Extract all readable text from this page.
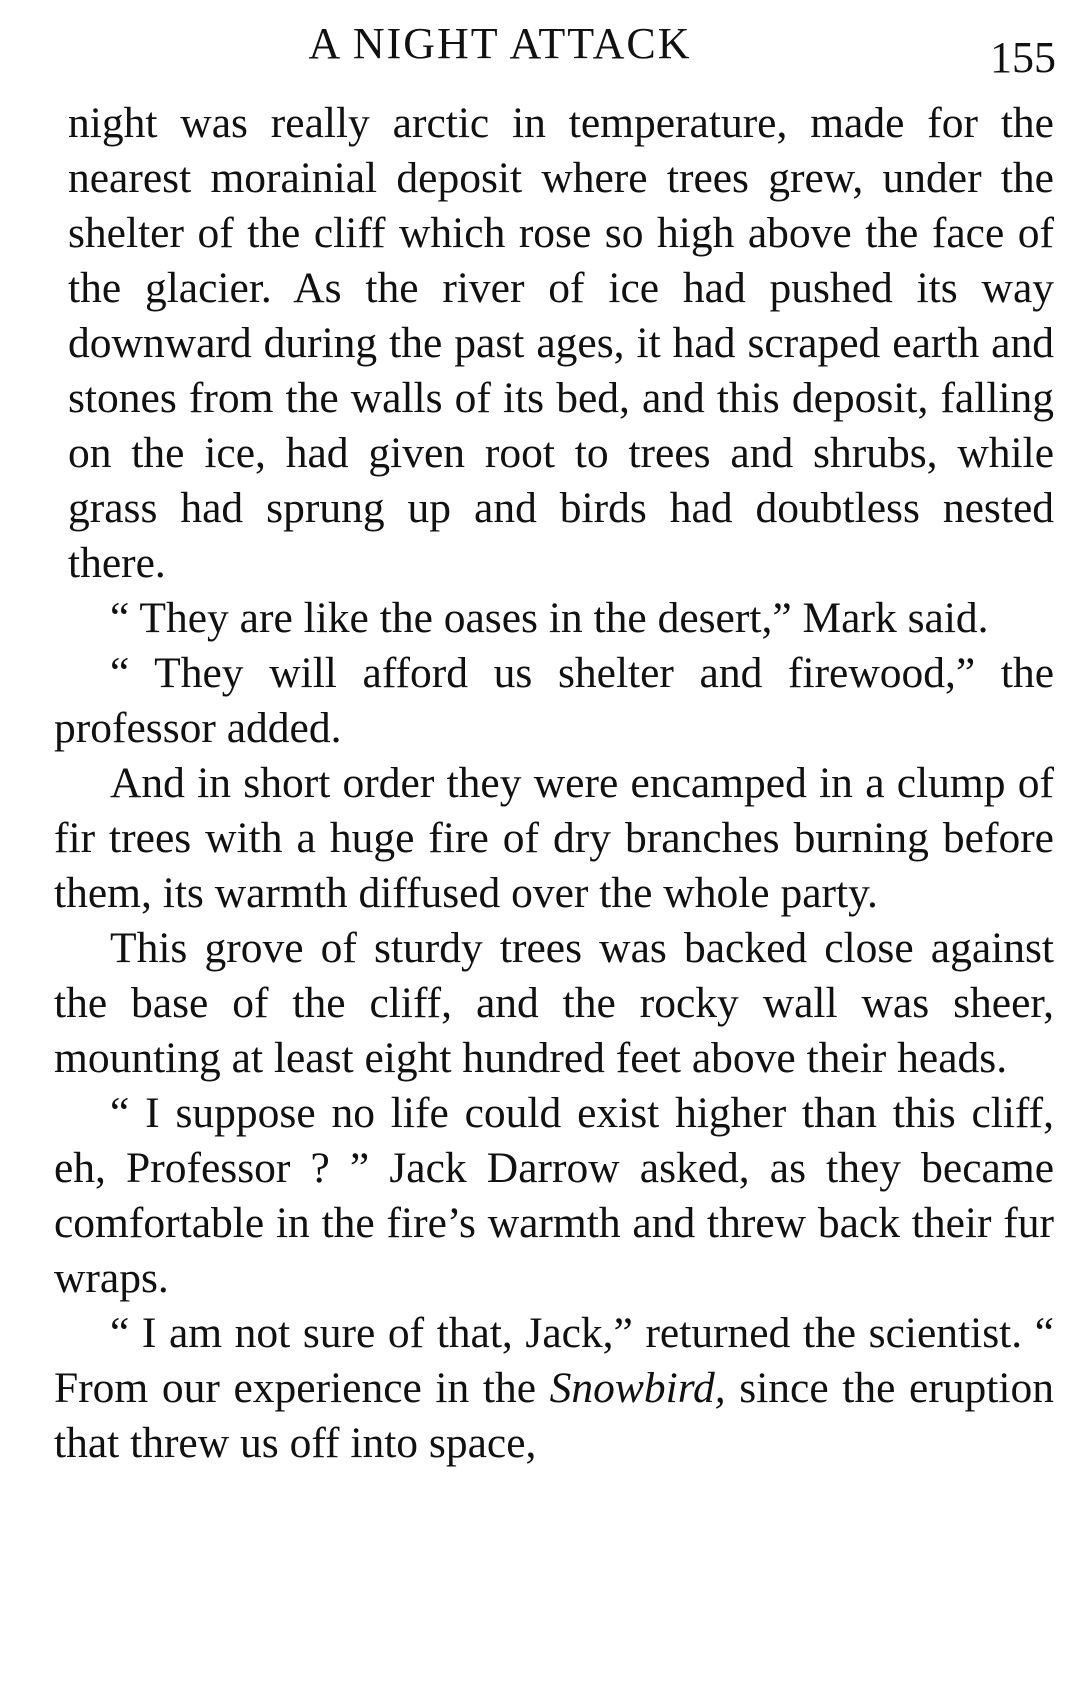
A NIGHT ATTACK	155

night was really arctic in temperature, made for the nearest morainial deposit where trees grew, under the shelter of the cliff which rose so high above the face of the glacier. As the river of ice had pushed its way downward during the past ages, it had scraped earth and stones from the walls of its bed, and this deposit, falling on the ice, had given root to trees and shrubs, while grass had sprung up and birds had doubtless nested there.

“ They are like the oases in the desert,” Mark said.

“ They will afford us shelter and firewood,” the professor added.

And in short order they were encamped in a clump of fir trees with a huge fire of dry branches burning before them, its warmth diffused over the whole party.

This grove of sturdy trees was backed close against the base of the cliff, and the rocky wall was sheer, mounting at least eight hundred feet above their heads.

“ I suppose no life could exist higher than this cliff, eh, Professor ? ” Jack Darrow asked, as they became comfortable in the fire’s warmth and threw back their fur wraps.

“ I am not sure of that, Jack,” returned the scientist. “ From our experience in the Snowbird, since the eruption that threw us off into space,
